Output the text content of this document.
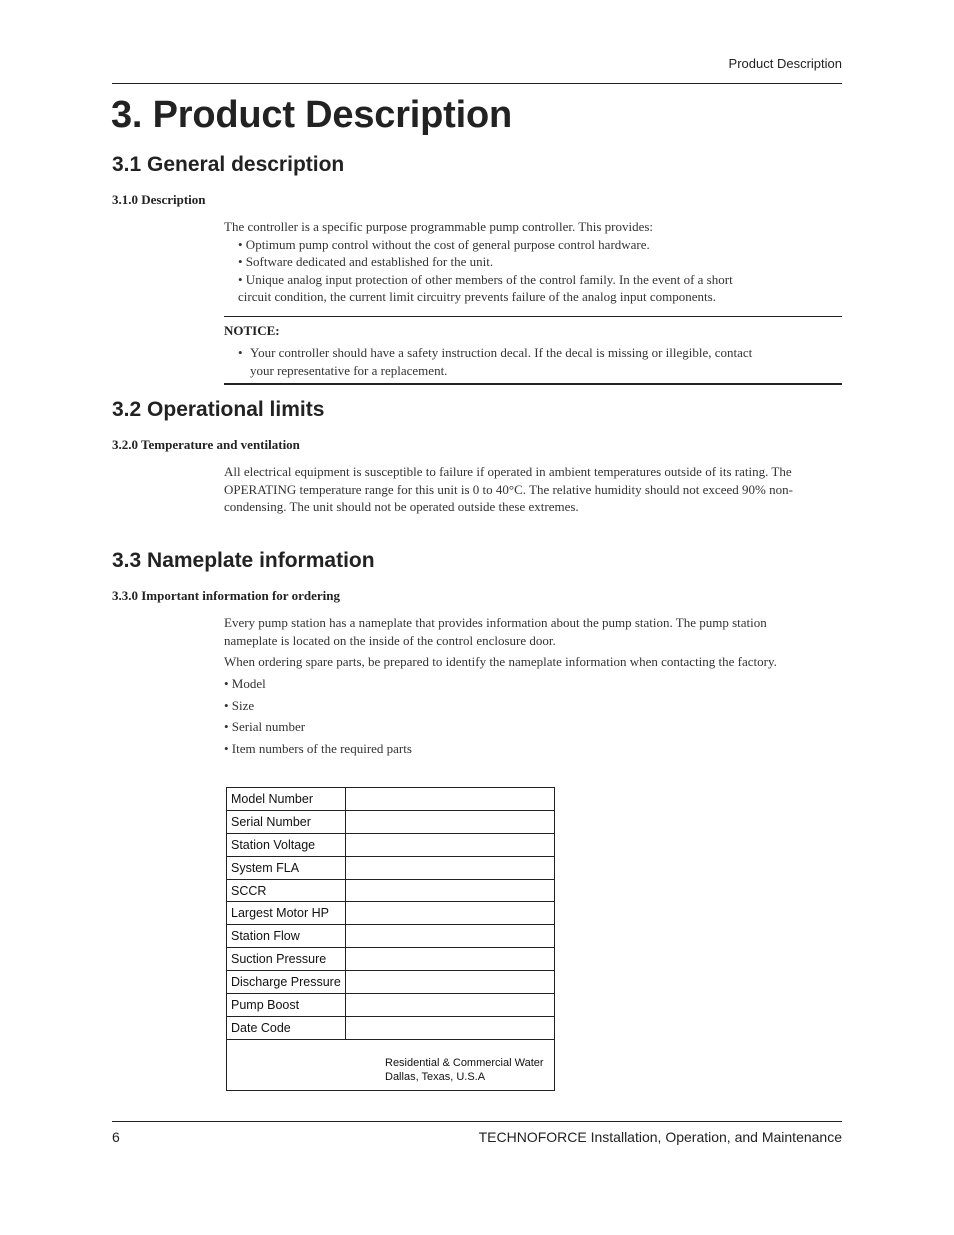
Product Description
3. Product Description
3.1 General description
3.1.0 Description
The controller is a specific purpose programmable pump controller. This provides:
• Optimum pump control without the cost of general purpose control hardware.
• Software dedicated and established for the unit.
• Unique analog input protection of other members of the control family. In the event of a short
circuit condition, the current limit circuitry prevents failure of the analog input components.
NOTICE:
• Your controller should have a safety instruction decal. If the decal is missing or illegible, contact
your representative for a replacement.
3.2 Operational limits
3.2.0 Temperature and ventilation
All electrical equipment is susceptible to failure if operated in ambient temperatures outside of its rating. The
OPERATING temperature range for this unit is 0 to 40°C. The relative humidity should not exceed 90% non-
condensing. The unit should not be operated outside these extremes.
3.3 Nameplate information
3.3.0 Important information for ordering
Every pump station has a nameplate that provides information about the pump station. The pump station
nameplate is located on the inside of the control enclosure door.
When ordering spare parts, be prepared to identify the nameplate information when contacting the factory.
• Model
• Size
• Serial number
• Item numbers of the required parts
Model Number	
Serial Number	
Station Voltage	
System FLA	
SCCR	
Largest Motor HP	
Station Flow	
Suction Pressure	
Discharge Pressure	
Pump Boost	
Date Code	

Residential & Commercial Water
Dallas, Texas, U.S.A	
6	TECHNOFORCE Installation, Operation, and Maintenance
